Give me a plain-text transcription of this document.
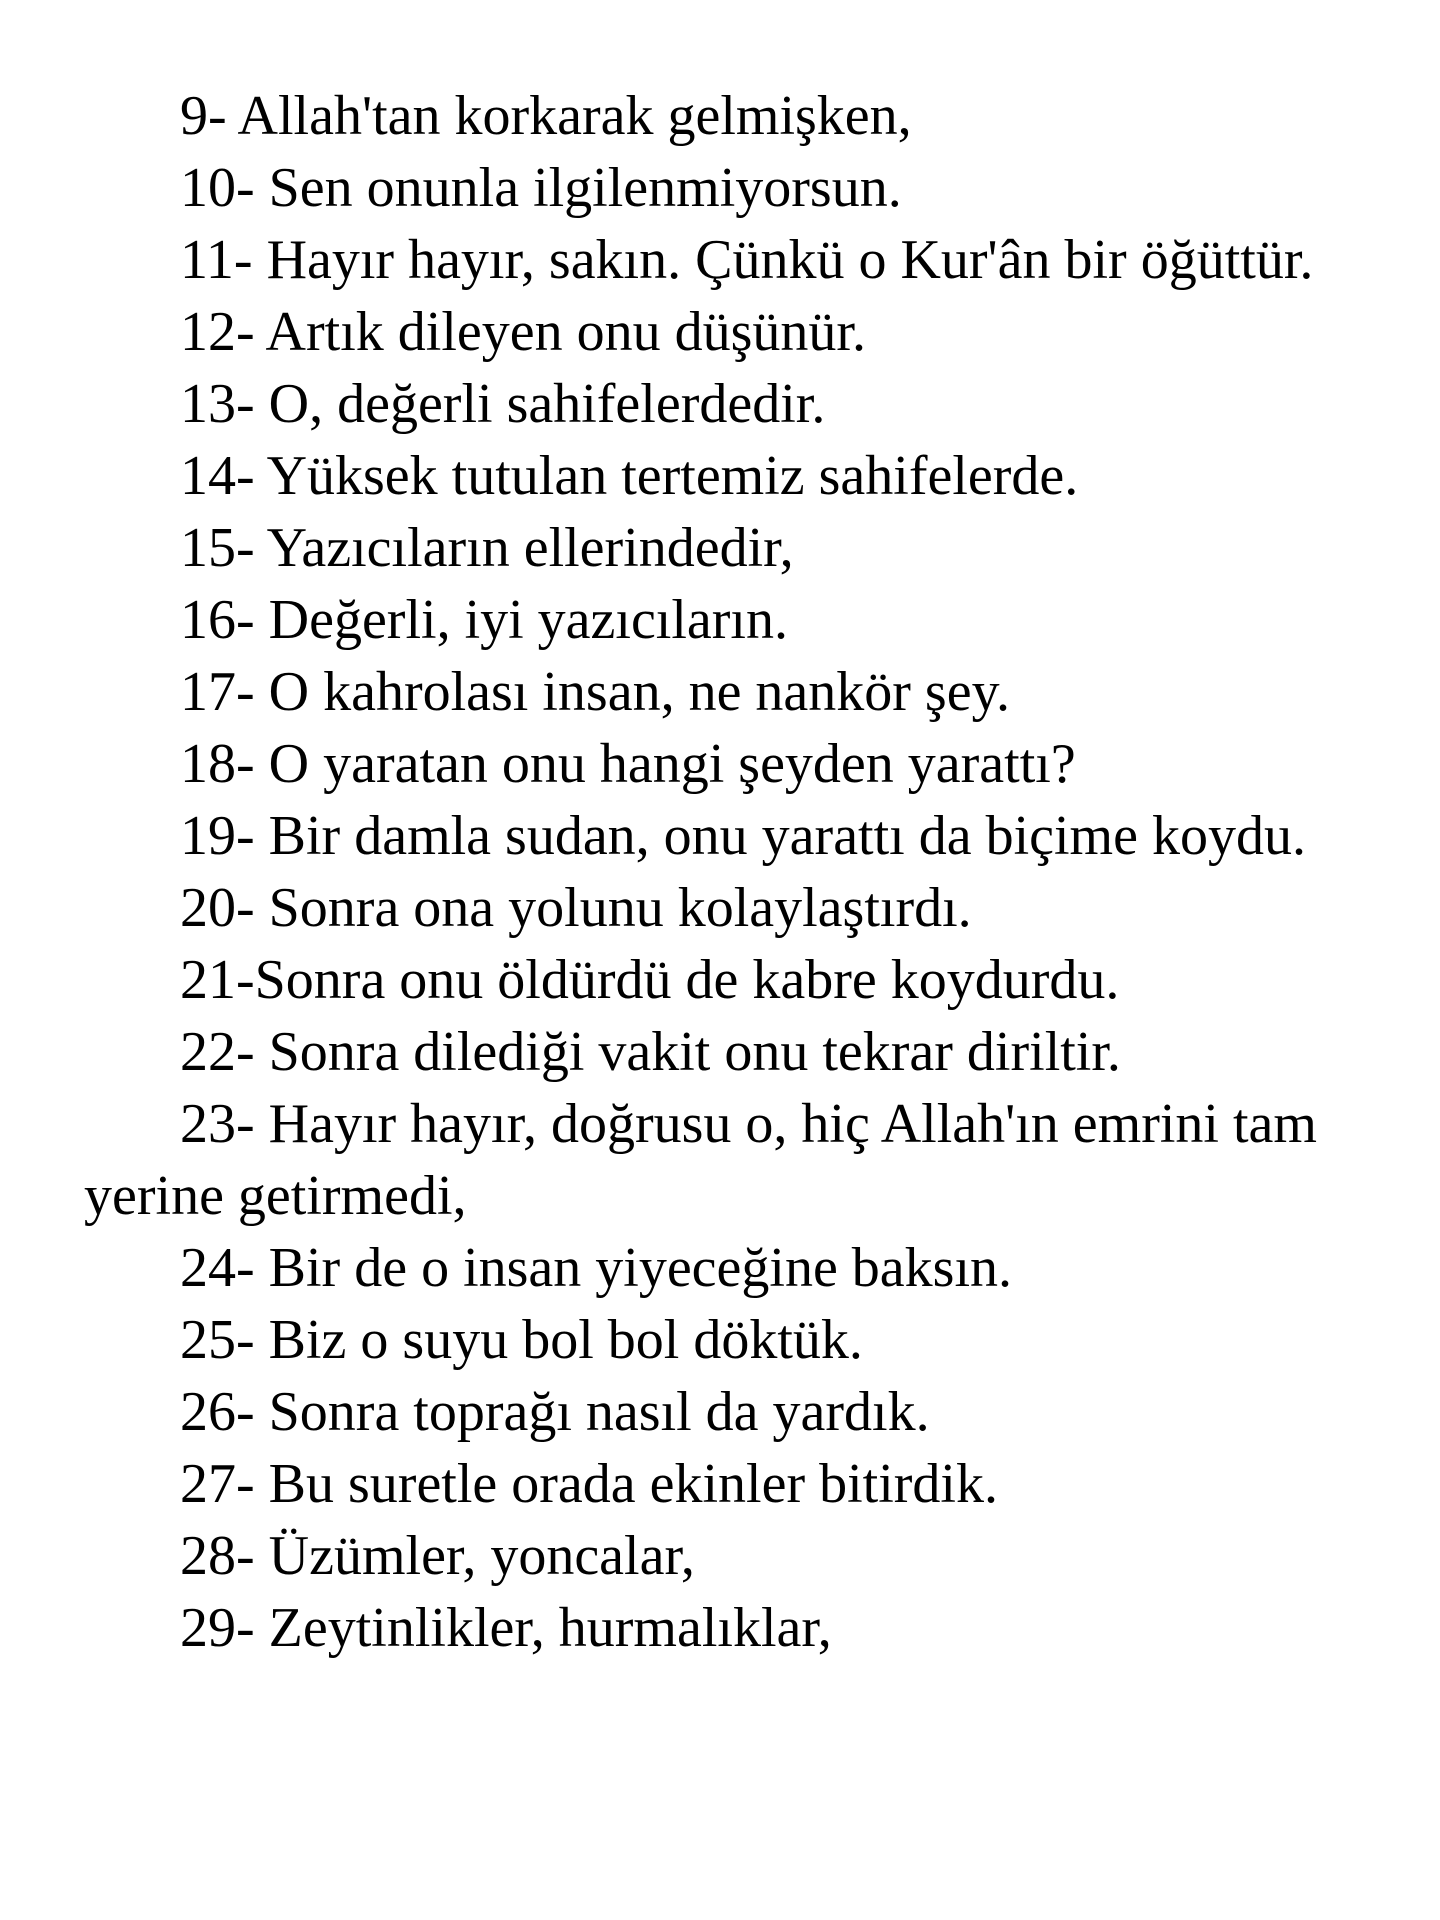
9- Allah'tan korkarak gelmişken,

10- Sen onunla ilgilenmiyorsun.

11- Hayır hayır, sakın. Çünkü o Kur'ân bir öğüttür.

12- Artık dileyen onu düşünür.

13- O, değerli sahifelerdedir.

14- Yüksek tutulan tertemiz sahifelerde.

15- Yazıcıların ellerindedir,

16- Değerli, iyi yazıcıların.

17- O kahrolası insan, ne nankör şey.

18- O yaratan onu hangi şeyden yarattı?

19- Bir damla sudan, onu yarattı da biçime koydu.

20- Sonra ona yolunu kolaylaştırdı.

21-Sonra onu öldürdü de kabre koydurdu.

22- Sonra dilediği vakit onu tekrar diriltir.

23- Hayır hayır, doğrusu o, hiç Allah'ın emrini tam yerine getirmedi,

24- Bir de o insan yiyeceğine baksın.

25- Biz o suyu bol bol döktük.

26- Sonra toprağı nasıl da yardık.

27- Bu suretle orada ekinler bitirdik.

28- Üzümler, yoncalar,

29- Zeytinlikler, hurmalıklar,
